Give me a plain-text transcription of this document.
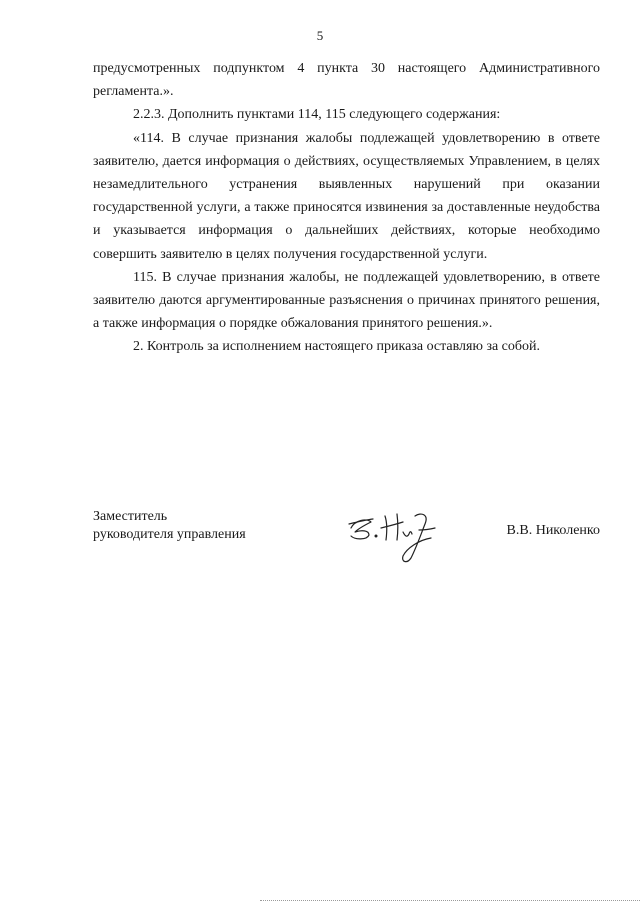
5

предусмотренных подпунктом 4 пункта 30 настоящего Административного регламента.».

2.2.3. Дополнить пунктами 114, 115 следующего содержания:

«114. В случае признания жалобы подлежащей удовлетворению в ответе заявителю, дается информация о действиях, осуществляемых Управлением, в целях незамедлительного устранения выявленных нарушений при оказании государственной услуги, а также приносятся извинения за доставленные неудобства и указывается информация о дальнейших действиях, которые необходимо совершить заявителю в целях получения государственной услуги.

115. В случае признания жалобы, не подлежащей удовлетворению, в ответе заявителю даются аргументированные разъяснения о причинах принятого решения, а также информация о порядке обжалования принятого решения.».

2. Контроль за исполнением настоящего приказа оставляю за собой.

Заместитель
руководителя управления	В.В. Николенко
